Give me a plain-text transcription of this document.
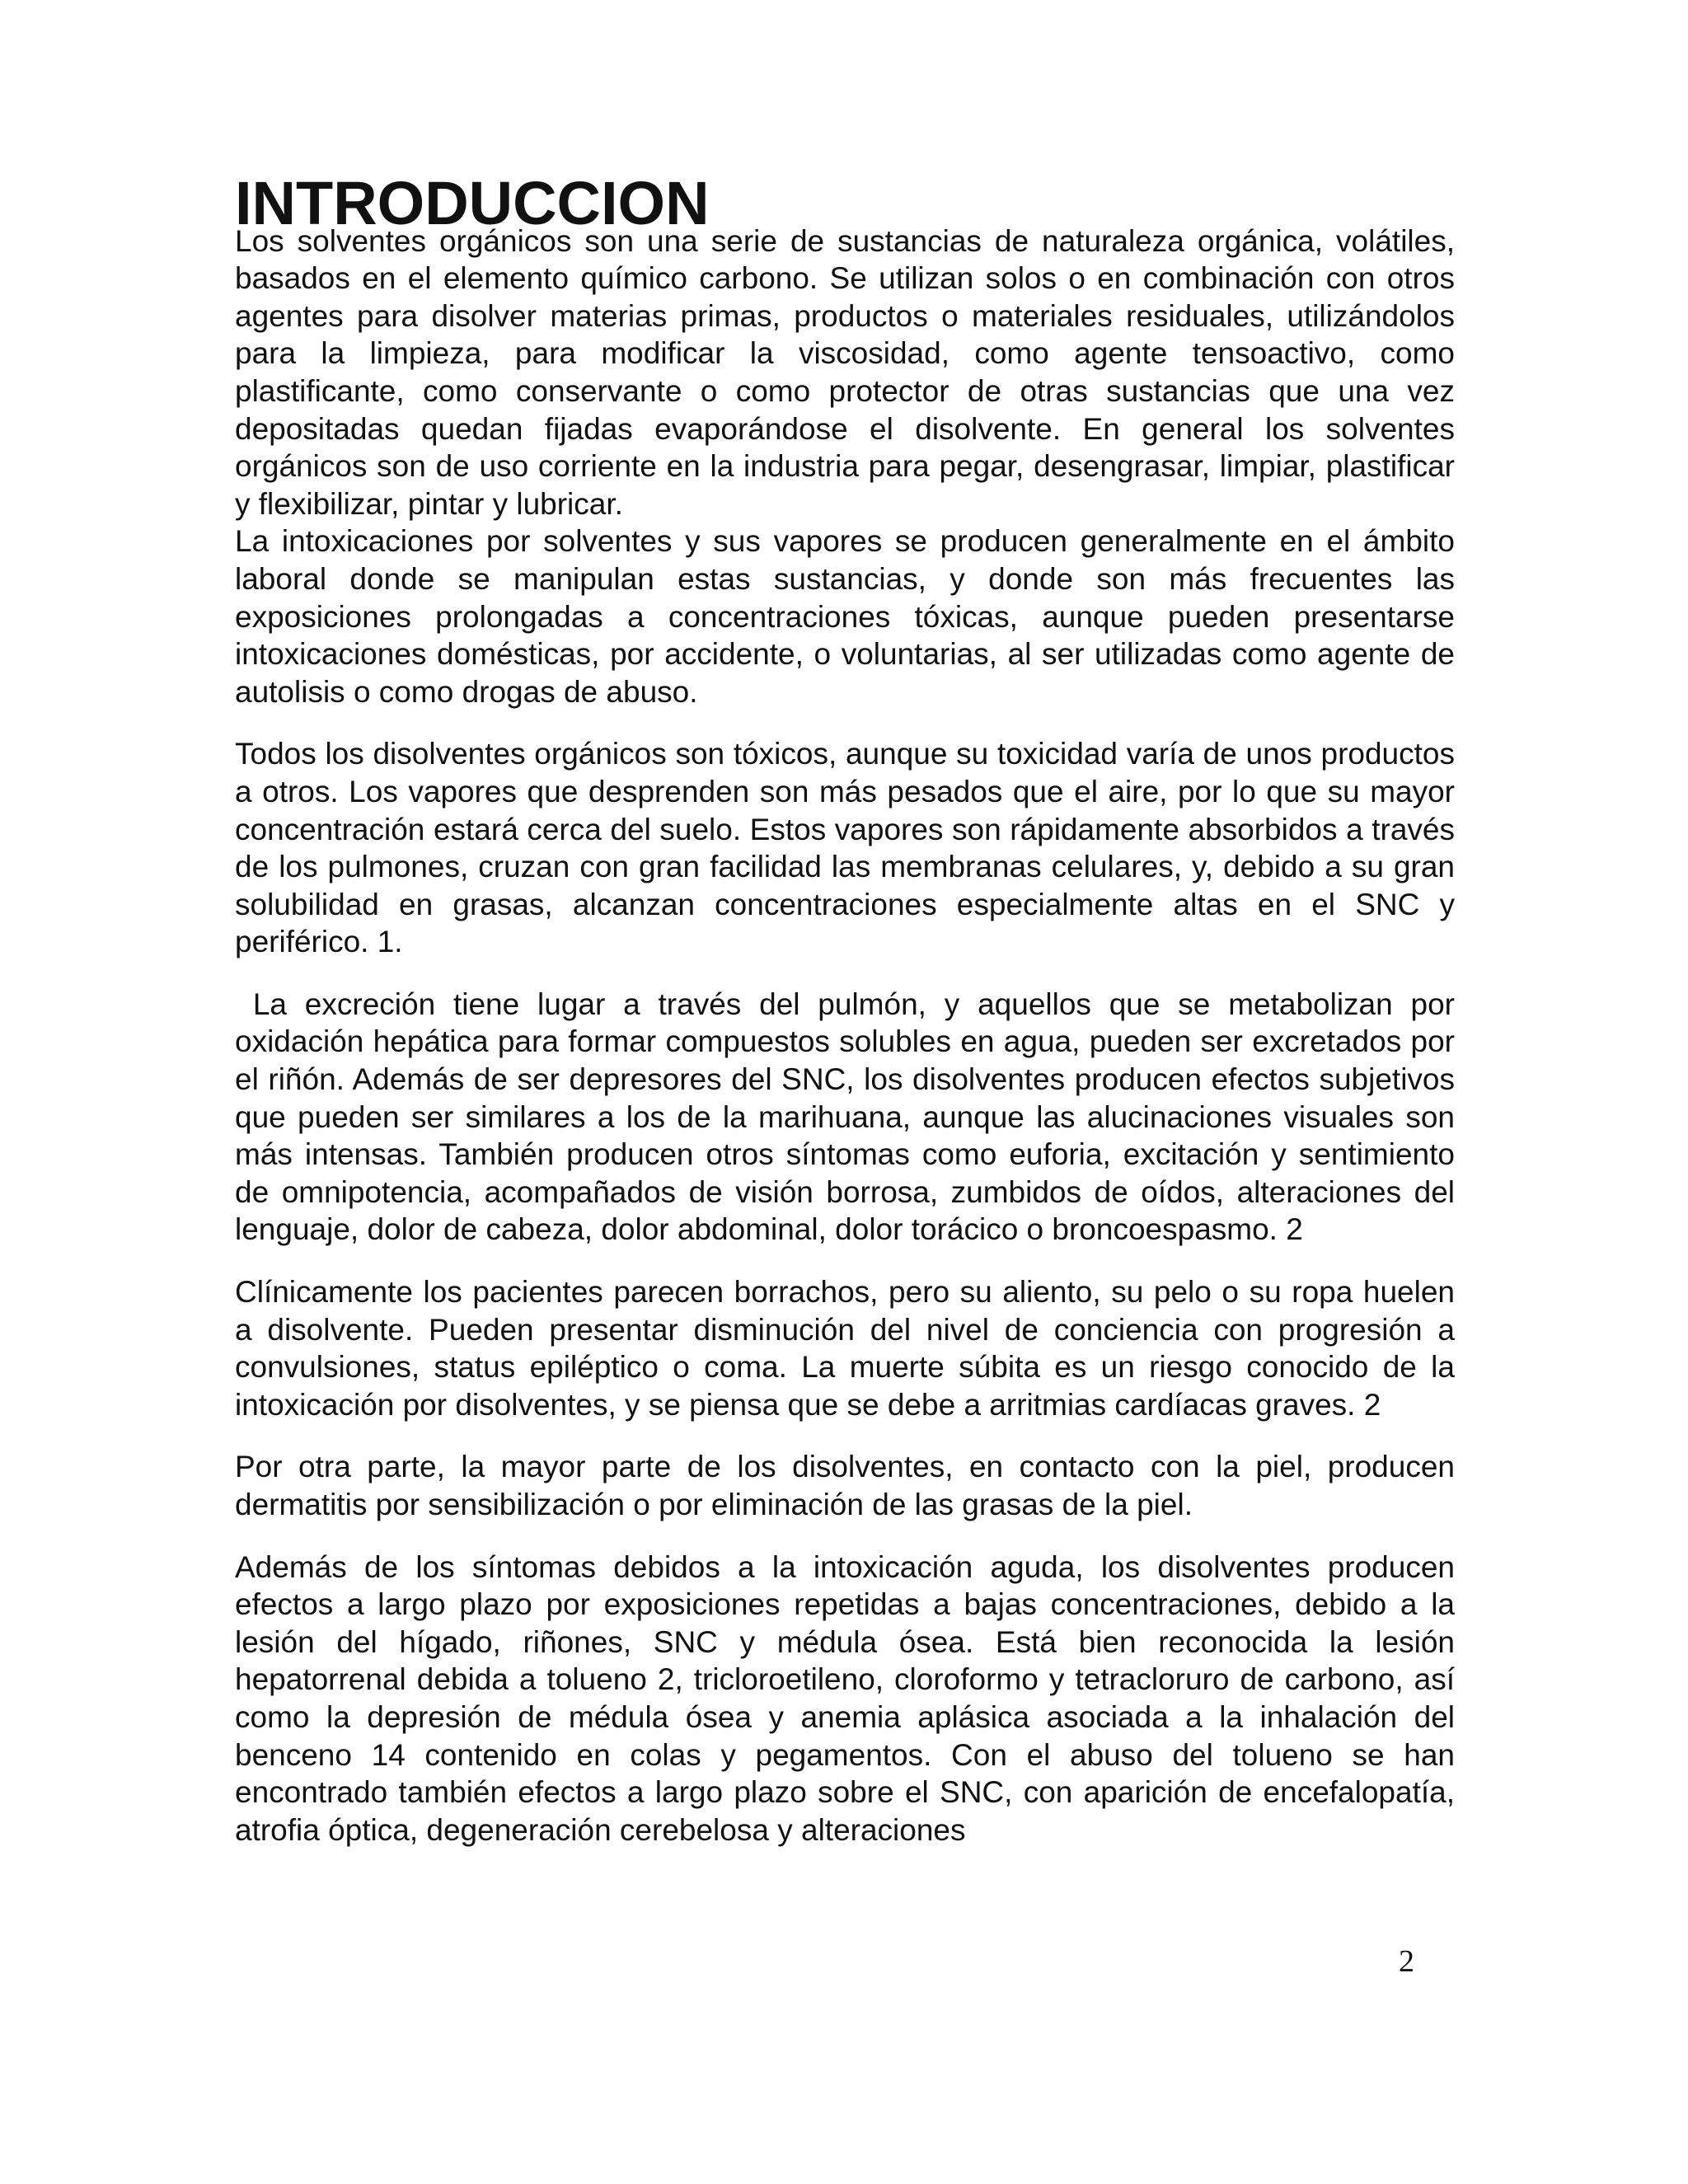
INTRODUCCION

Los solventes orgánicos son una serie de sustancias de naturaleza orgánica, volátiles, basados en el elemento químico carbono. Se utilizan solos o en combinación con otros agentes para disolver materias primas, productos o materiales residuales, utilizándolos para la limpieza, para modificar la viscosidad, como agente tensoactivo, como plastificante, como conservante o como protector de otras sustancias que una vez depositadas quedan fijadas evaporándose el disolvente. En general los solventes orgánicos son de uso corriente en la industria para pegar, desengrasar, limpiar, plastificar y flexibilizar, pintar y lubricar.

La intoxicaciones por solventes y sus vapores se producen generalmente en el ámbito laboral donde se manipulan estas sustancias, y donde son más frecuentes las exposiciones prolongadas a concentraciones tóxicas, aunque pueden presentarse intoxicaciones domésticas, por accidente, o voluntarias, al ser utilizadas como agente de autolisis o como drogas de abuso.

Todos los disolventes orgánicos son tóxicos, aunque su toxicidad varía de unos productos a otros. Los vapores que desprenden son más pesados que el aire, por lo que su mayor concentración estará cerca del suelo. Estos vapores son rápidamente absorbidos a través de los pulmones, cruzan con gran facilidad las membranas celulares, y, debido a su gran solubilidad en grasas, alcanzan concentraciones especialmente altas en el SNC y periférico. 1.

La excreción tiene lugar a través del pulmón, y aquellos que se metabolizan por oxidación hepática para formar compuestos solubles en agua, pueden ser excretados por el riñón. Además de ser depresores del SNC, los disolventes producen efectos subjetivos que pueden ser similares a los de la marihuana, aunque las alucinaciones visuales son más intensas. También producen otros síntomas como euforia, excitación y sentimiento de omnipotencia, acompañados de visión borrosa, zumbidos de oídos, alteraciones del lenguaje, dolor de cabeza, dolor abdominal, dolor torácico o broncoespasmo. 2

Clínicamente los pacientes parecen borrachos, pero su aliento, su pelo o su ropa huelen a disolvente. Pueden presentar disminución del nivel de conciencia con progresión a convulsiones, status epiléptico o coma. La muerte súbita es un riesgo conocido de la intoxicación por disolventes, y se piensa que se debe a arritmias cardíacas graves. 2

Por otra parte, la mayor parte de los disolventes, en contacto con la piel, producen dermatitis por sensibilización o por eliminación de las grasas de la piel.

Además de los síntomas debidos a la intoxicación aguda, los disolventes producen efectos a largo plazo por exposiciones repetidas a bajas concentraciones, debido a la lesión del hígado, riñones, SNC y médula ósea. Está bien reconocida la lesión hepatorrenal debida a tolueno 2, tricloroetileno, cloroformo y tetracloruro de carbono, así como la depresión de médula ósea y anemia aplásica asociada a la inhalación del benceno 14 contenido en colas y pegamentos. Con el abuso del tolueno se han encontrado también efectos a largo plazo sobre el SNC, con aparición de encefalopatía, atrofia óptica, degeneración cerebelosa y alteraciones

2
